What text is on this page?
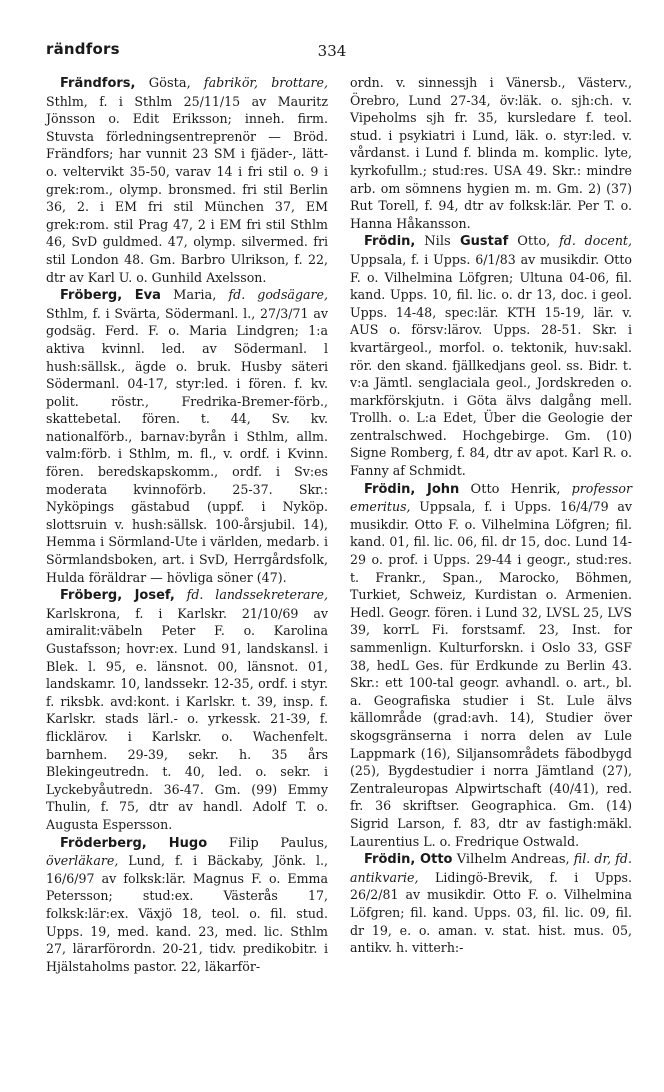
rändfors	334

Frändfors, Gösta, fabrikör, brottare, Sthlm, f. i Sthlm 25/11/15 av Mauritz Jönsson o. Edit Eriksson; inneh. firm. Stuvsta förledningsentreprenör — Bröd. Frändfors; har vunnit 23 SM i fjäder-, lätt- o. veltervikt 35-50, varav 14 i fri stil o. 9 i grek:rom., olymp. bronsmed. fri stil Berlin 36, 2. i EM fri stil München 37, EM grek:rom. stil Prag 47, 2 i EM fri stil Sthlm 46, SvD guldmed. 47, olymp. silvermed. fri stil London 48. Gm. Barbro Ulrikson, f. 22, dtr av Karl U. o. Gunhild Axelsson.

Fröberg, Eva Maria, fd. godsägare, Sthlm, f. i Svärta, Södermanl. l., 27/3/71 av godsäg. Ferd. F. o. Maria Lindgren; 1:a aktiva kvinnl. led. av Södermanl. l hush:sällsk., ägde o. bruk. Husby säteri Södermanl. 04-17, styr:led. i fören. f. kv. polit. röstr., Fredrika-Bremer-förb., skattebetal. fören. t. 44, Sv. kv. nationalförb., barnav:byrån i Sthlm, allm. valm:förb. i Sthlm, m. fl., v. ordf. i Kvinn. fören. beredskapskomm., ordf. i Sv:es moderata kvinnoförb. 25-37. Skr.: Nyköpings gästabud (uppf. i Nyköp. slottsruin v. hush:sällsk. 100-årsjubil. 14), Hemma i Sörmland-Ute i världen, medarb. i Sörmlandsboken, art. i SvD, Herrgårdsfolk, Hulda föräldrar — hövliga söner (47).

Fröberg, Josef, fd. landssekreterare, Karlskrona, f. i Karlskr. 21/10/69 av amiralit:väbeln Peter F. o. Karolina Gustafsson; hovr:ex. Lund 91, landskansl. i Blek. l. 95, e. länsnot. 00, länsnot. 01, landskamr. 10, landssekr. 12-35, ordf. i styr. f. riksbk. avd:kont. i Karlskr. t. 39, insp. f. Karlskr. stads lärl.- o. yrkessk. 21-39, f. flicklärov. i Karlskr. o. Wachenfelt. barnhem. 29-39, sekr. h. 35 års Blekingeutredn. t. 40, led. o. sekr. i Lyckebyåutredn. 36-47. Gm. (99) Emmy Thulin, f. 75, dtr av handl. Adolf T. o. Augusta Espersson.

Fröderberg, Hugo Filip Paulus, överläkare, Lund, f. i Bäckaby, Jönk. l., 16/6/97 av folksk:lär. Magnus F. o. Emma Petersson; stud:ex. Västerås 17, folksk:lär:ex. Växjö 18, teol. o. fil. stud. Upps. 19, med. kand. 23, med. lic. Sthlm 27, lärarförordn. 20-21, tidv. predikobitr. i Hjälstaholms pastor. 22, läkarför-

ordn. v. sinnessjh i Vänersb., Västerv., Örebro, Lund 27-34, öv:läk. o. sjh:ch. v. Vipeholms sjh fr. 35, kursledare f. teol. stud. i psykiatri i Lund, läk. o. styr:led. v. vårdanst. i Lund f. blinda m. komplic. lyte, kyrkofullm.; stud:res. USA 49. Skr.: mindre arb. om sömnens hygien m. m. Gm. 2) (37) Rut Torell, f. 94, dtr av folksk:lär. Per T. o. Hanna Håkansson.

Frödin, Nils Gustaf Otto, fd. docent, Uppsala, f. i Upps. 6/1/83 av musikdir. Otto F. o. Vilhelmina Löfgren; Ultuna 04-06, fil. kand. Upps. 10, fil. lic. o. dr 13, doc. i geol. Upps. 14-48, spec:lär. KTH 15-19, lär. v. AUS o. försv:lärov. Upps. 28-51. Skr. i kvartärgeol., morfol. o. tektonik, huv:sakl. rör. den skand. fjällkedjans geol. ss. Bidr. t. v:a Jämtl. senglaciala geol., Jordskreden o. markförskjutn. i Göta älvs dalgång mell. Trollh. o. L:a Edet, Über die Geologie der zentralschwed. Hochgebirge. Gm. (10) Signe Romberg, f. 84, dtr av apot. Karl R. o. Fanny af Schmidt.

Frödin, John Otto Henrik, professor emeritus, Uppsala, f. i Upps. 16/4/79 av musikdir. Otto F. o. Vilhelmina Löfgren; fil. kand. 01, fil. lic. 06, fil. dr 15, doc. Lund 14-29 o. prof. i Upps. 29-44 i geogr., stud:res. t. Frankr., Span., Marocko, Böhmen, Turkiet, Schweiz, Kurdistan o. Armenien. Hedl. Geogr. fören. i Lund 32, LVSL 25, LVS 39, korrL Fi. forstsamf. 23, Inst. for sammenlign. Kulturforskn. i Oslo 33, GSF 38, hedL Ges. für Erdkunde zu Berlin 43. Skr.: ett 100-tal geogr. avhandl. o. art., bl. a. Geografiska studier i St. Lule älvs källområde (grad:avh. 14), Studier över skogsgränserna i norra delen av Lule Lappmark (16), Siljansområdets fäbodbygd (25), Bygdestudier i norra Jämtland (27), Zentraleuropas Alpwirtschaft (40/41), red. fr. 36 skriftser. Geographica. Gm. (14) Sigrid Larson, f. 83, dtr av fastigh:mäkl. Laurentius L. o. Fredrique Ostwald.

Frödin, Otto Vilhelm Andreas, fil. dr, fd. antikvarie, Lidingö-Brevik, f. i Upps. 26/2/81 av musikdir. Otto F. o. Vilhelmina Löfgren; fil. kand. Upps. 03, fil. lic. 09, fil. dr 19, e. o. aman. v. stat. hist. mus. 05, antikv. h. vitterh:-
